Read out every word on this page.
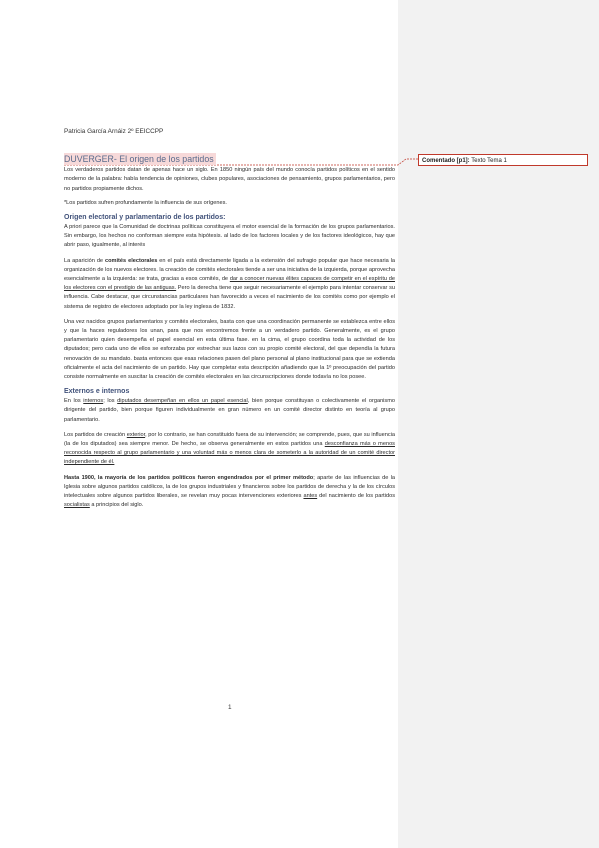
Comentado [p1]: Texto Tema 1
Patricia García Arnáiz 2º EEICCPP
DUVERGER- El origen de los partidos

Los verdaderos partidos datan de apenas hace un siglo. En 1850 ningún país del mundo conocía partidos políticos en el sentido moderno de la palabra: había tendencia de opiniones, clubes populares, asociaciones de pensamiento, grupos parlamentarios, pero no partidos propiamente dichos.

*Los partidos sufren profundamente la influencia de sus orígenes.

Origen electoral y parlamentario de los partidos:

A priori parece que la Comunidad de doctrinas políticas constituyera el motor esencial de la formación de los grupos parlamentarios. Sin embargo, los hechos no conforman siempre esta hipótesis. al lado de los factores locales y de los factores ideológicos, hay que abrir paso, igualmente, al interés

La aparición de comités electorales en el país está directamente ligada a la extensión del sufragio popular que hace necesaria la organización de los nuevos electores. la creación de comités electorales tiende a ser una iniciativa de la izquierda, porque aprovecha esencialmente a la izquierda: se trata, gracias a esos comités, de dar a conocer nuevas élites capaces de competir en el espíritu de los electores con el prestigio de las antiguas. Pero la derecha tiene que seguir necesariamente el ejemplo para intentar conservar su influencia. Cabe destacar, que circunstancias particulares han favorecido a veces el nacimiento de los comités como por ejemplo el sistema de registro de electores adoptado por la ley inglesa de 1832.

Una vez nacidos grupos parlamentarios y comités electorales, basta con que una coordinación permanente se establezca entre ellos y que la haces reguladores los unan, para que nos encontremos frente a un verdadero partido. Generalmente, es el grupo parlamentario quien desempeña el papel esencial en esta última fase. en la cima, el grupo coordina toda la actividad de los diputados; pero cada uno de ellos se esforzaba por estrechar sus lazos con su propio comité electoral, del que dependía la futura renovación de su mandato. basta entonces que esas relaciones pasen del plano personal al plano institucional para que se extienda oficialmente el acta del nacimiento de un partido. Hay que completar esta descripción añadiendo que la 1º preocupación del partido consiste normalmente en suscitar la creación de comités electorales en las circunscripciones donde todavía no los posee.

Externos e internos

En los internos; los diputados desempeñan en ellos un papel esencial, bien porque constituyan o colectivamente el organismo dirigente del partido, bien porque figuren individualmente en gran número en un comité director distinto en teoría al grupo parlamentario.

Los partidos de creación exterior, por lo contrario, se han constituido fuera de su intervención; se comprende, pues, que su influencia (la de los diputados) sea siempre menor. De hecho, se observa generalmente en estos partidos una desconfianza más o menos reconocida respecto al grupo parlamentario y una voluntad más o menos clara de someterlo a la autoridad de un comité director independiente de él.

Hasta 1900, la mayoría de los partidos políticos fueron engendrados por el primer método; aparte de las influencias de la Iglesia sobre algunos partidos católicos, la de los grupos industriales y financieros sobre los partidos de derecha y la de los círculos intelectuales sobre algunos partidos liberales, se revelan muy pocas intervenciones exteriores antes del nacimiento de los partidos socialistas a principios del siglo.

1
